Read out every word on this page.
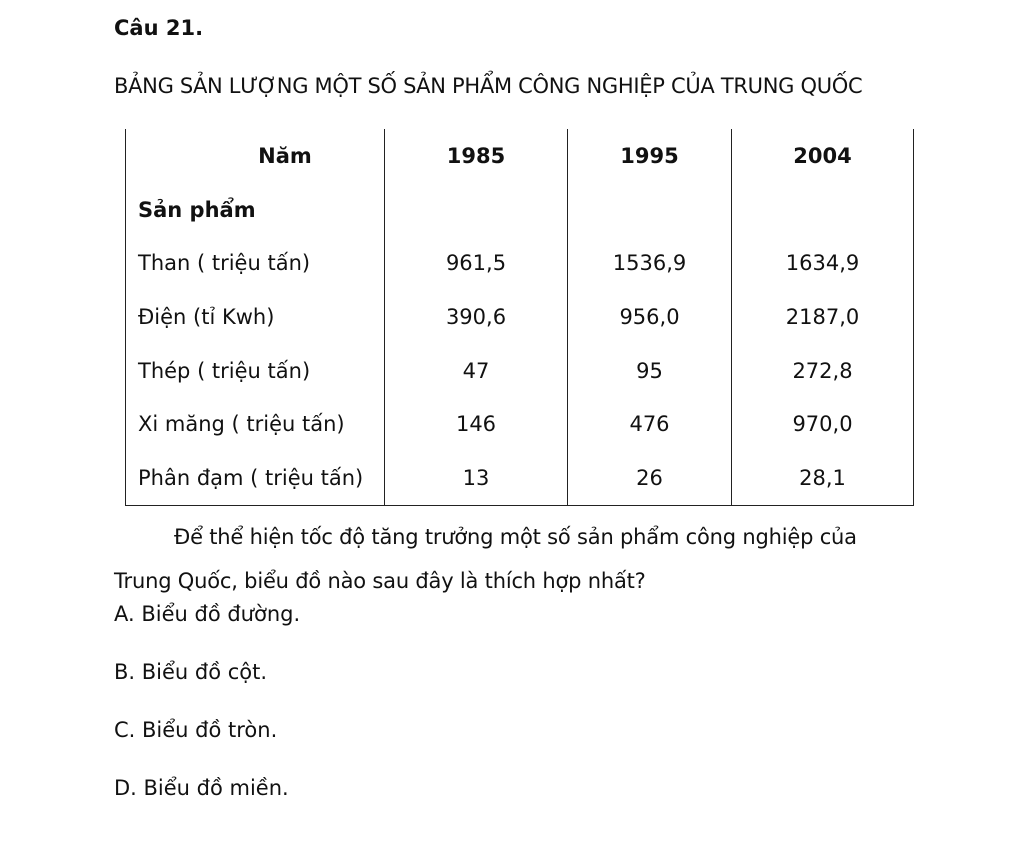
Câu 21.
BẢNG SẢN LƯỢNG MỘT SỐ SẢN PHẨM CÔNG NGHIỆP CỦA TRUNG QUỐC
Năm	1985	1995	2004
Sản phẩm			
Than ( triệu tấn)	961,5	1536,9	1634,9
Điện (tỉ Kwh)	390,6	956,0	2187,0
Thép ( triệu tấn)	47	95	272,8
Xi măng ( triệu tấn)	146	476	970,0
Phân đạm ( triệu tấn)	13	26	28,1

Để thể hiện tốc độ tăng trưởng một số sản phẩm công nghiệp của Trung Quốc, biểu đồ nào sau đây là thích hợp nhất?

A. Biểu đồ đường.
B. Biểu đồ cột.
C. Biểu đồ tròn.
D. Biểu đồ miền.
